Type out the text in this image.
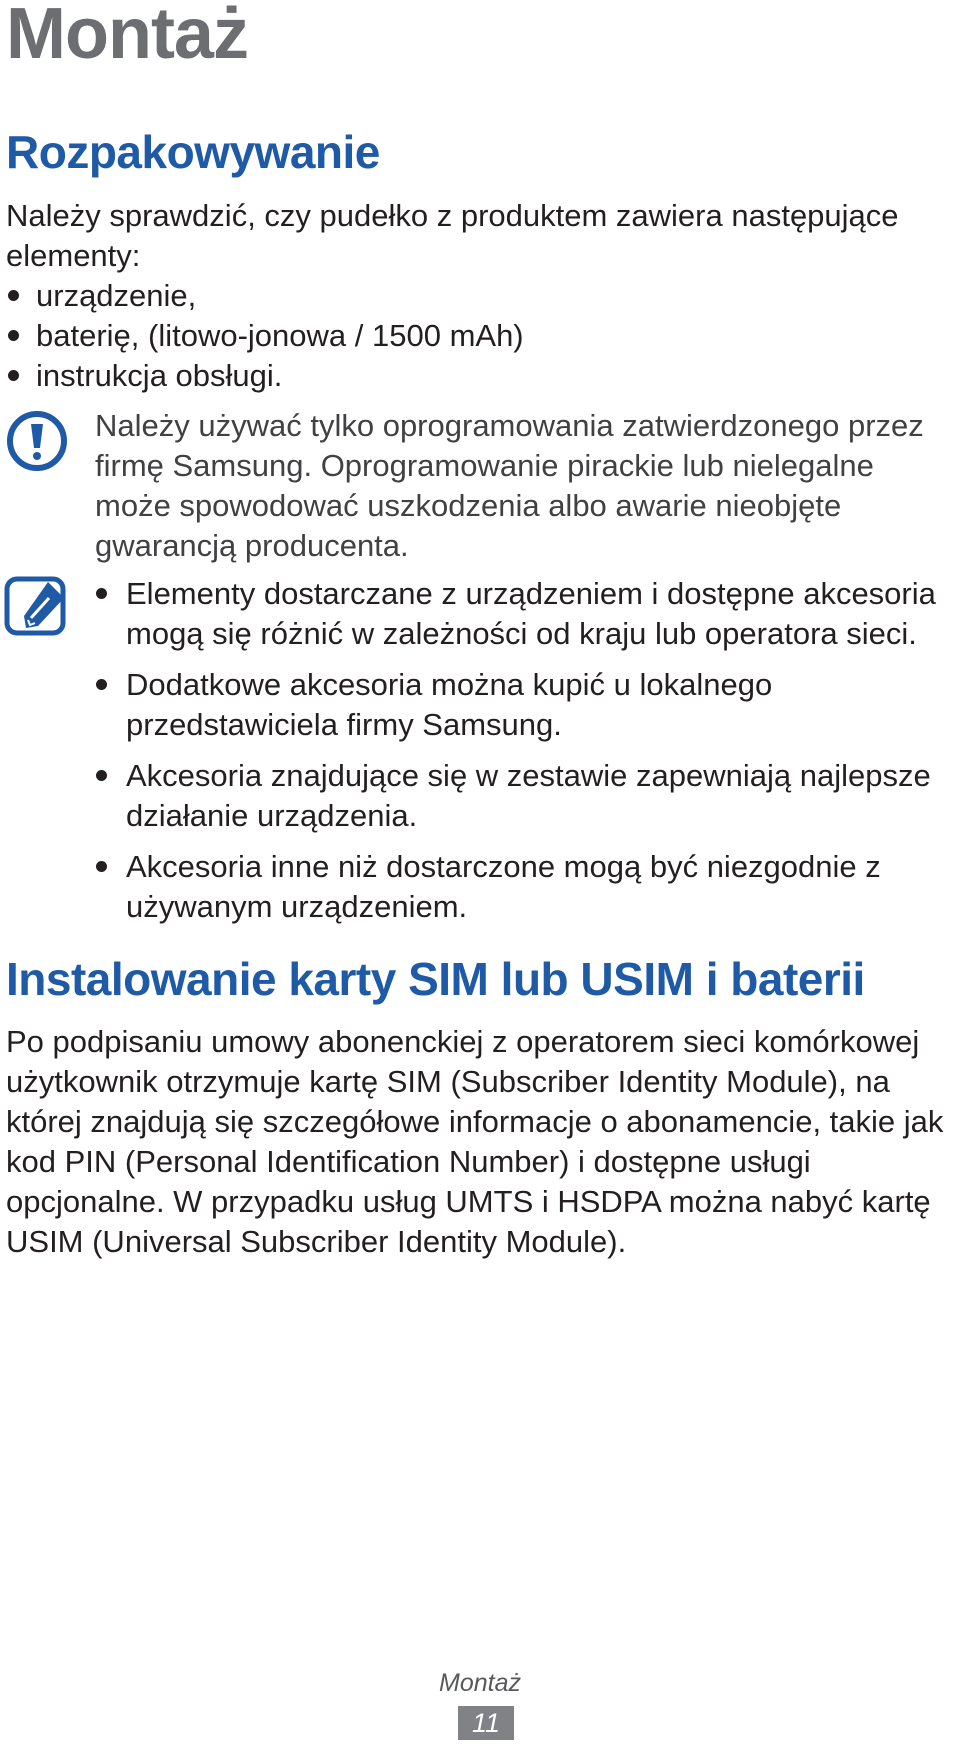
Montaż
Rozpakowywanie

Należy sprawdzić, czy pudełko z produktem zawiera następujące elementy:

urządzenie,
baterię, (litowo-jonowa / 1500 mAh)
instrukcja obsługi.

Należy używać tylko oprogramowania zatwierdzonego przez firmę Samsung. Oprogramowanie pirackie lub nielegalne może spowodować uszkodzenia albo awarie nieobjęte gwarancją producenta.

Elementy dostarczane z urządzeniem i dostępne akcesoria mogą się różnić w zależności od kraju lub operatora sieci.
Dodatkowe akcesoria można kupić u lokalnego przedstawiciela firmy Samsung.
Akcesoria znajdujące się w zestawie zapewniają najlepsze działanie urządzenia.
Akcesoria inne niż dostarczone mogą być niezgodnie z używanym urządzeniem.
Instalowanie karty SIM lub USIM i baterii

Po podpisaniu umowy abonenckiej z operatorem sieci komórkowej użytkownik otrzymuje kartę SIM (Subscriber Identity Module), na której znajdują się szczegółowe informacje o abonamencie, takie jak kod PIN (Personal Identification Number) i dostępne usługi opcjonalne. W przypadku usług UMTS i HSDPA można nabyć kartę USIM (Universal Subscriber Identity Module).

Montaż
11
